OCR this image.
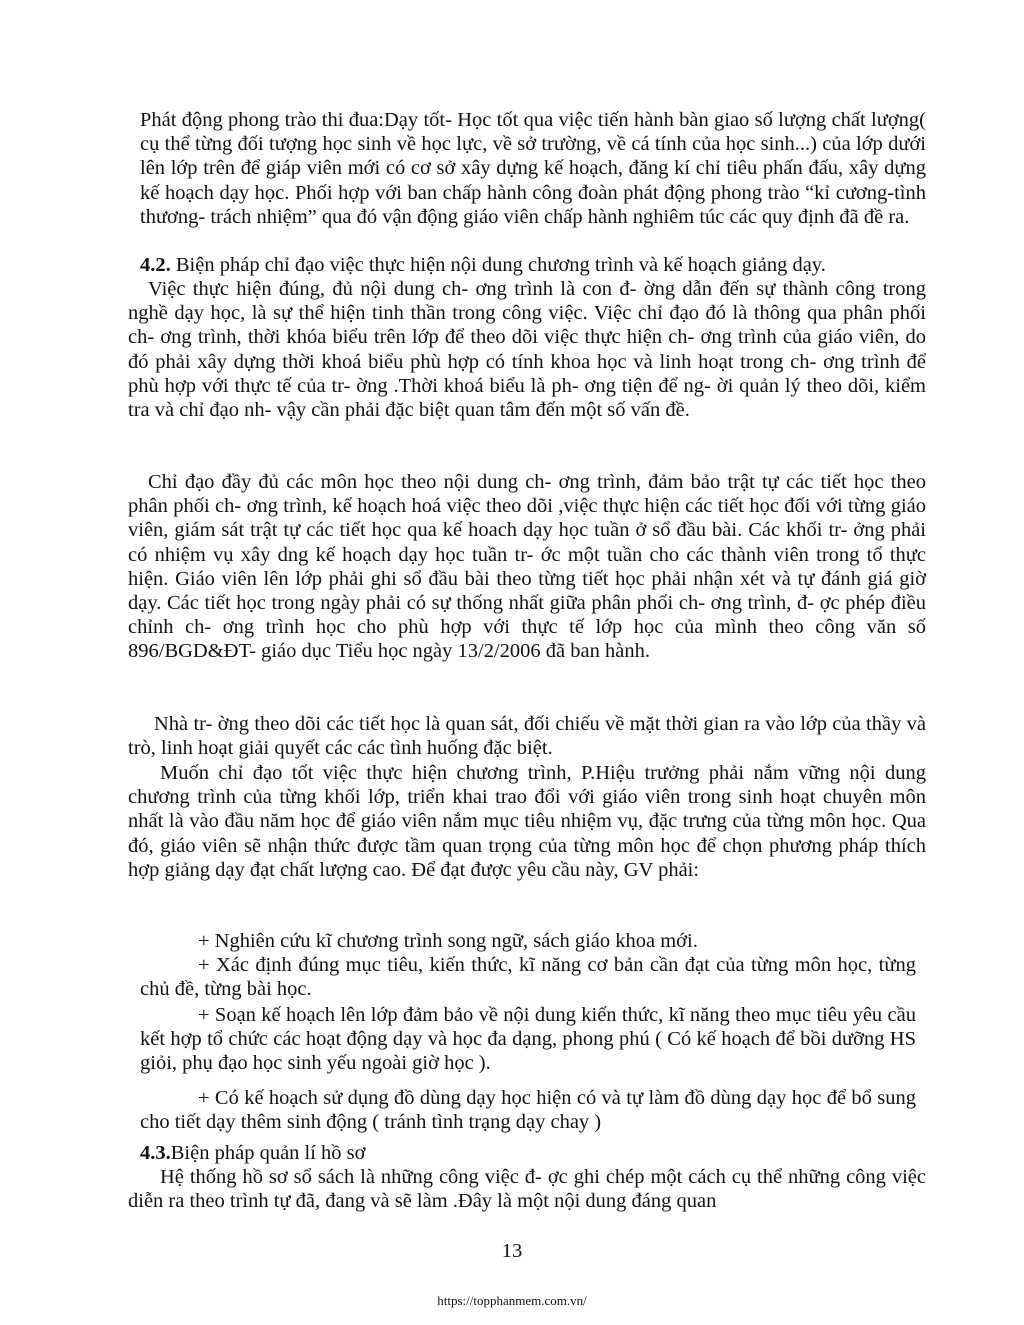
Phát động phong trào thi đua:Dạy tốt- Học tốt qua việc tiến hành bàn giao số lượng chất lượng( cụ thể từng đối tượng học sinh về học lực, về sở trường, về cá tính của học sinh...) của lớp dưới lên lớp trên để giáp viên mới có cơ sở xây dựng kế hoạch, đăng kí chỉ tiêu phấn đấu, xây dựng kế hoạch dạy học. Phối hợp với ban chấp hành công đoàn phát động phong trào “kỉ cương-tình thương- trách nhiệm” qua đó vận động giáo viên chấp hành nghiêm túc các quy định đã đề ra.

4.2. Biện pháp chỉ đạo việc thực hiện nội dung chương trình và kế hoạch giảng dạy.

Việc thực hiện đúng, đủ nội dung ch- ơng trình là con đ- ờng dẫn đến sự thành công trong nghề dạy học, là sự thể hiện tinh thần trong công việc. Việc chỉ đạo đó là thông qua phân phối ch- ơng trình, thời khóa biểu trên lớp để theo dõi việc thực hiện ch- ơng trình của giáo viên, do đó phải xây dựng thời khoá biểu phù hợp có tính khoa học và linh hoạt trong ch- ơng trình để phù hợp với thực tế của tr- ờng .Thời khoá biểu là ph- ơng tiện để ng- ời quản lý theo dõi, kiểm tra và chỉ đạo nh- vậy cần phải đặc biệt quan tâm đến một số vấn đề.

Chỉ đạo đầy đủ các môn học theo nội dung ch- ơng trình, đảm bảo trật tự các tiết học theo phân phối ch- ơng trình, kế hoạch hoá việc theo dõi ,việc thực hiện các tiết học đối với từng giáo viên, giám sát trật tự các tiết học qua kế hoach dạy học tuần ở sổ đầu bài. Các khối tr- ởng phải có nhiệm vụ xây dng kế hoạch dạy học tuần tr- ớc một tuần cho các thành viên trong tổ thực hiện. Giáo viên lên lớp phải ghi sổ đầu bài theo từng tiết học phải nhận xét và tự đánh giá giờ dạy. Các tiết học trong ngày phải có sự thống nhất giữa phân phối ch- ơng trình, đ- ợc phép điều chỉnh ch- ơng trình học cho phù hợp với thực tế lớp học của mình theo công văn số 896/BGD&ĐT- giáo dục Tiểu học ngày 13/2/2006 đã ban hành.

Nhà tr- ờng theo dõi các tiết học là quan sát, đối chiếu về mặt thời gian ra vào lớp của thầy và trò, linh hoạt giải quyết các các tình huống đặc biệt.

Muốn chỉ đạo tốt việc thực hiện chương trình, P.Hiệu trưởng phải nắm vững nội dung chương trình của từng khối lớp, triển khai trao đổi với giáo viên trong sinh hoạt chuyên môn nhất là vào đầu năm học để giáo viên nắm mục tiêu nhiệm vụ, đặc trưng của từng môn học. Qua đó, giáo viên sẽ nhận thức được tầm quan trọng của từng môn học để chọn phương pháp thích hợp giảng dạy đạt chất lượng cao. Để đạt được yêu cầu này, GV phải:

+ Nghiên cứu kĩ chương trình song ngữ, sách giáo khoa mới.

+ Xác định đúng mục tiêu, kiến thức, kĩ năng cơ bản cần đạt của từng môn học, từng chủ đề, từng bài học.

+ Soạn kế hoạch lên lớp đảm bảo về nội dung kiến thức, kĩ năng theo mục tiêu yêu cầu kết hợp tổ chức các hoạt động dạy và học đa dạng, phong phú ( Có kế hoạch để bồi dưỡng HS giỏi, phụ đạo học sinh yếu ngoài giờ học ).

+ Có kế hoạch sử dụng đồ dùng dạy học hiện có và tự làm đồ dùng dạy học để bổ sung cho tiết dạy thêm sinh động ( tránh tình trạng dạy chay )

4.3.Biện pháp quản lí hồ sơ

Hệ thống hồ sơ sổ sách là những công việc đ- ợc ghi chép một cách cụ thể những công việc diễn ra theo trình tự đã, đang và sẽ làm .Đây là một nội dung đáng quan

13
https://topphanmem.com.vn/
